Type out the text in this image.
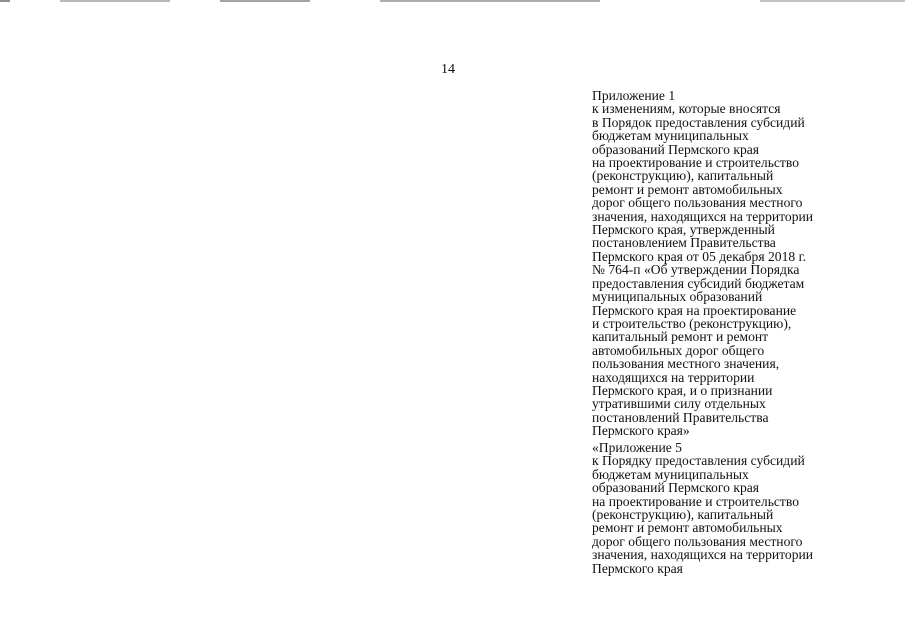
14
Приложение 1
к изменениям, которые вносятся
в Порядок предоставления субсидий
бюджетам муниципальных
образований Пермского края
на проектирование и строительство
(реконструкцию), капитальный
ремонт и ремонт автомобильных
дорог общего пользования местного
значения, находящихся на территории
Пермского края, утвержденный
постановлением Правительства
Пермского края от 05 декабря 2018 г.
№ 764-п «Об утверждении Порядка
предоставления субсидий бюджетам
муниципальных образований
Пермского края на проектирование
и строительство (реконструкцию),
капитальный ремонт и ремонт
автомобильных дорог общего
пользования местного значения,
находящихся на территории
Пермского края, и о признании
утратившими силу отдельных
постановлений Правительства
Пермского края»
«Приложение 5
к Порядку предоставления субсидий
бюджетам муниципальных
образований Пермского края
на проектирование и строительство
(реконструкцию), капитальный
ремонт и ремонт автомобильных
дорог общего пользования местного
значения, находящихся на территории
Пермского края
